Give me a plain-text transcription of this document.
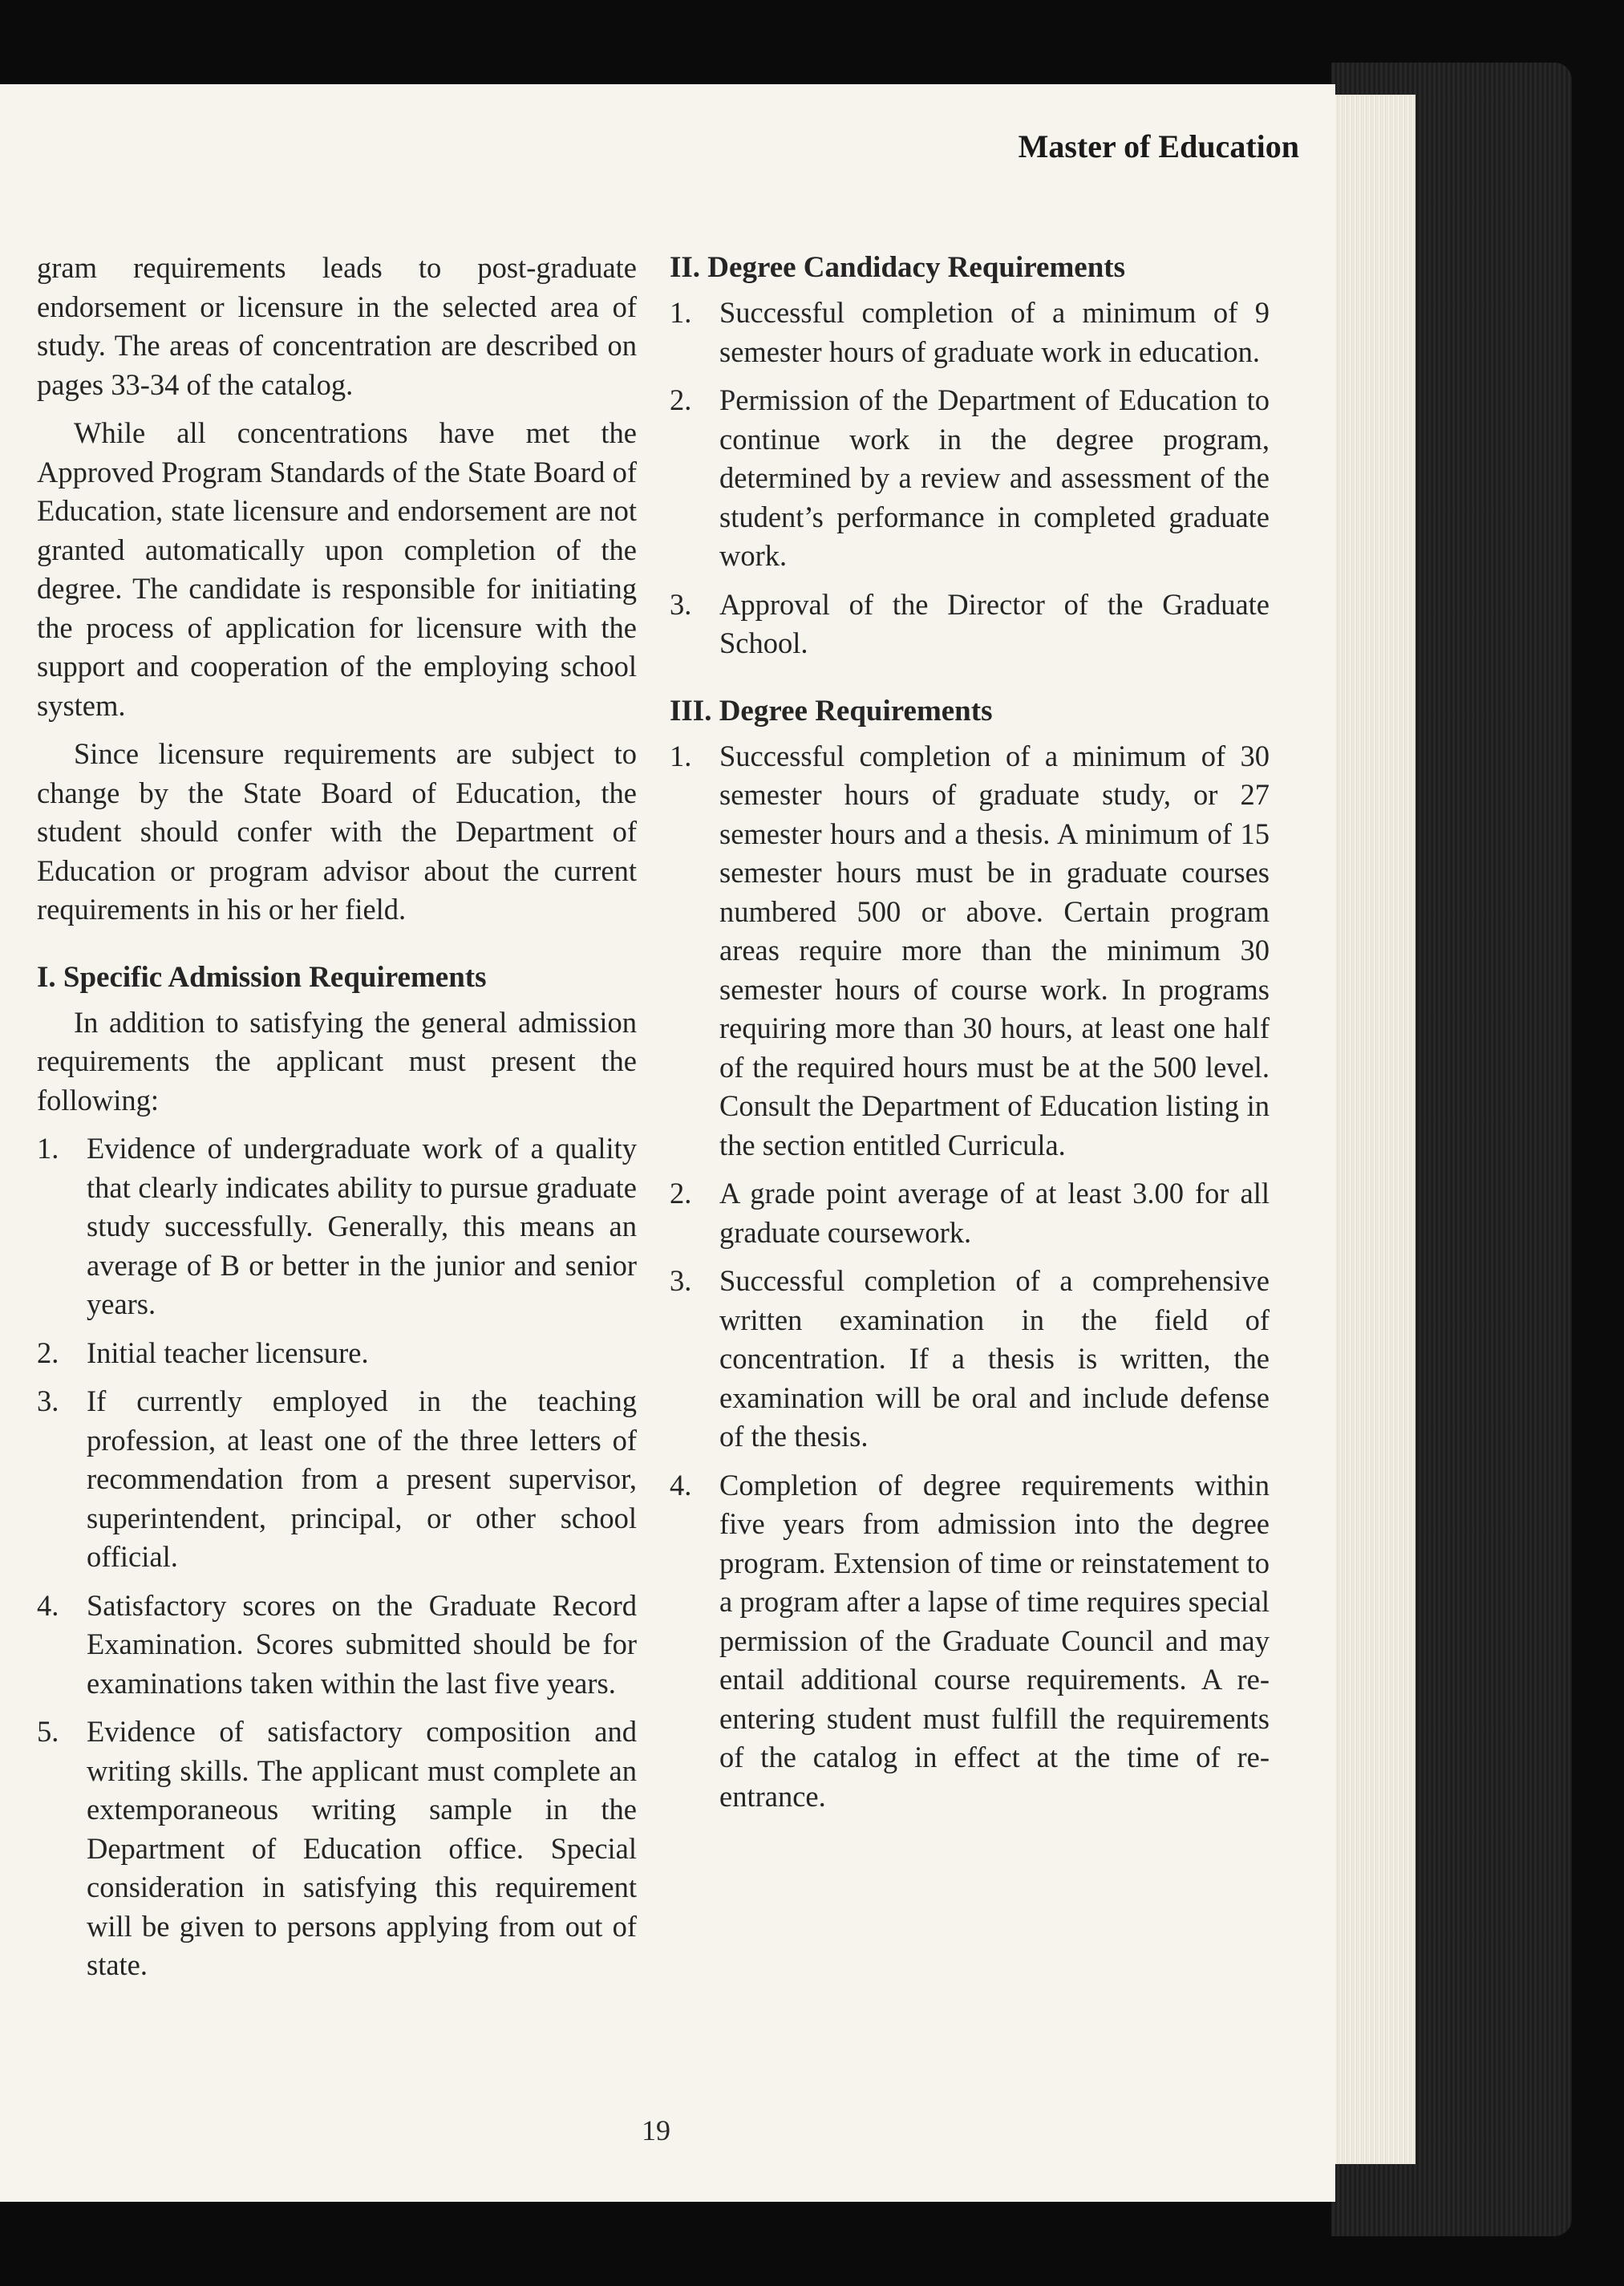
Master of Education

gram requirements leads to post-graduate endorsement or licensure in the selected area of study. The areas of concentration are described on pages 33-34 of the catalog.

While all concentrations have met the Approved Program Standards of the State Board of Education, state licensure and endorsement are not granted automatically upon completion of the degree. The candidate is responsible for initiating the process of application for licensure with the support and cooperation of the employing school system.

Since licensure requirements are subject to change by the State Board of Education, the student should confer with the Department of Education or program advisor about the current requirements in his or her field.

I. Specific Admission Requirements

In addition to satisfying the general admission requirements the applicant must present the following:

1. Evidence of undergraduate work of a quality that clearly indicates ability to pursue graduate study successfully. Generally, this means an average of B or better in the junior and senior years.
2. Initial teacher licensure.
3. If currently employed in the teaching profession, at least one of the three letters of recommendation from a present supervisor, superintendent, principal, or other school official.
4. Satisfactory scores on the Graduate Record Examination. Scores submitted should be for examinations taken within the last five years.
5. Evidence of satisfactory composition and writing skills. The applicant must complete an extemporaneous writing sample in the Department of Education office. Special consideration in satisfying this requirement will be given to persons applying from out of state.
II. Degree Candidacy Requirements
1. Successful completion of a minimum of 9 semester hours of graduate work in education.
2. Permission of the Department of Education to continue work in the degree program, determined by a review and assessment of the student’s performance in completed graduate work.
3. Approval of the Director of the Graduate School.
III. Degree Requirements
1. Successful completion of a minimum of 30 semester hours of graduate study, or 27 semester hours and a thesis. A minimum of 15 semester hours must be in graduate courses numbered 500 or above. Certain program areas require more than the minimum 30 semester hours of course work. In programs requiring more than 30 hours, at least one half of the required hours must be at the 500 level. Consult the Department of Education listing in the section entitled Curricula.
2. A grade point average of at least 3.00 for all graduate coursework.
3. Successful completion of a comprehensive written examination in the field of concentration. If a thesis is written, the examination will be oral and include defense of the thesis.
4. Completion of degree requirements within five years from admission into the degree program. Extension of time or reinstatement to a program after a lapse of time requires special permission of the Graduate Council and may entail additional course requirements. A re-entering student must fulfill the requirements of the catalog in effect at the time of re-entrance.
19
